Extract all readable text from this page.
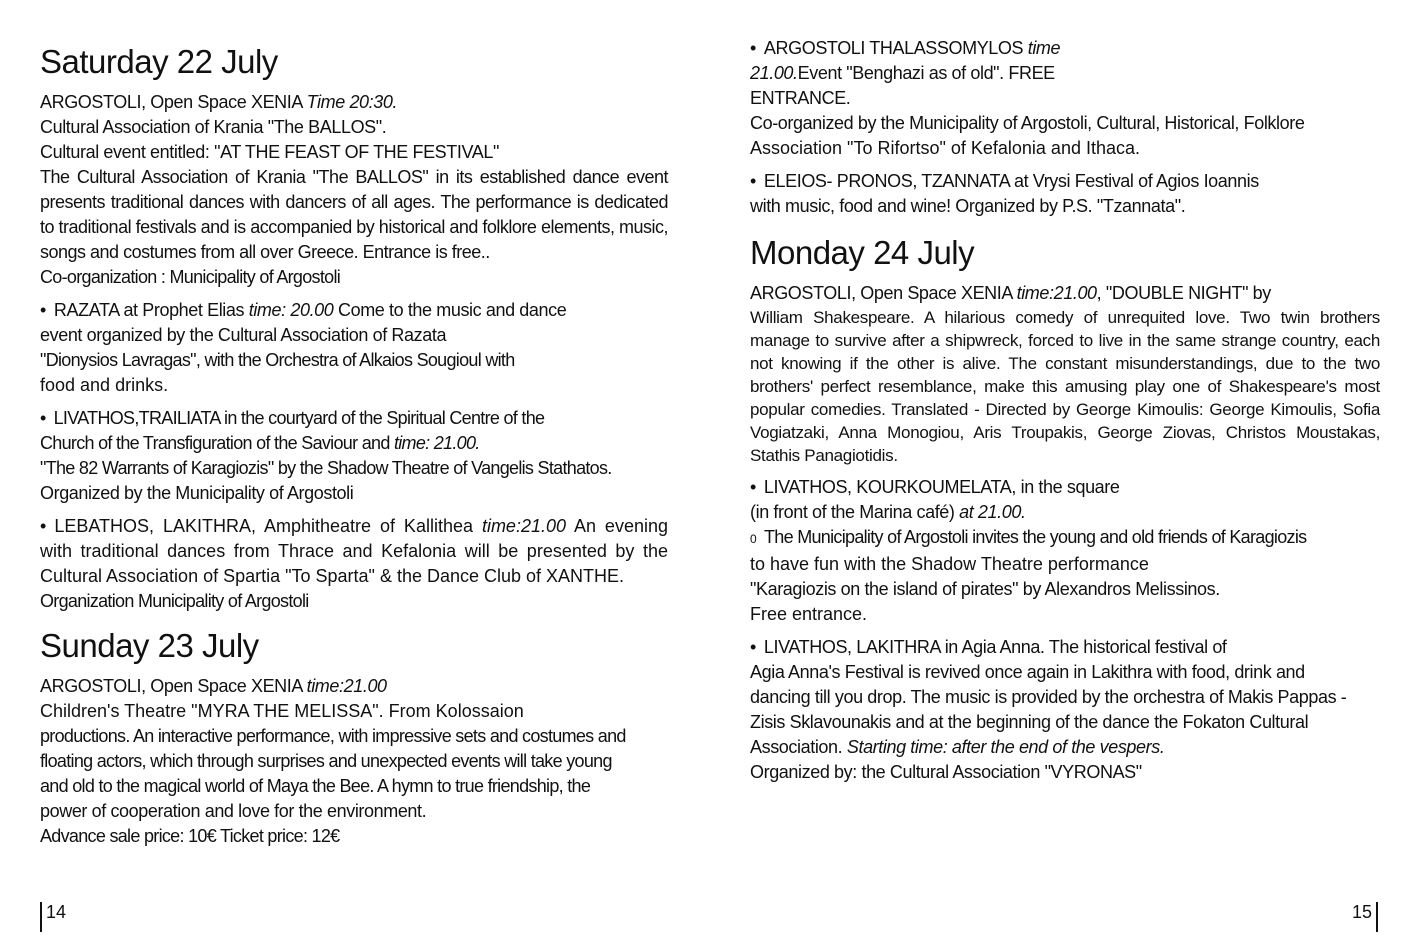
Saturday 22 July
ARGOSTOLI, Open Space XENIA Time 20:30.
Cultural Association of Krania "The BALLOS".
Cultural event entitled: "AT THE FEAST OF THE FESTIVAL"

The Cultural Association of Krania "The BALLOS" in its established dance event presents traditional dances with dancers of all ages. The performance is dedicated to traditional festivals and is accompanied by historical and folklore elements, music, songs and costumes from all over Greece. Entrance is free..

Co-organization : Municipality of Argostoli
• RAZATA at Prophet Elias time: 20.00 Come to the music and dance
event organized by the Cultural Association of Razata
"Dionysios Lavragas", with the Orchestra of Alkaios Sougioul with
food and drinks.
• LIVATHOS,TRAILIATA in the courtyard of the Spiritual Centre of the
Church of the Transfiguration of the Saviour and time: 21.00.
"The 82 Warrants of Karagiozis" by the Shadow Theatre of Vangelis Stathatos.
Organized by the Municipality of Argostoli

• LEBATHOS, LAKITHRA, Amphitheatre of Kallithea time:21.00 An evening with traditional dances from Thrace and Kefalonia will be presented by the Cultural Association of Spartia "To Sparta" & the Dance Club of XANTHE.

Organization Municipality of Argostoli
Sunday 23 July
ARGOSTOLI, Open Space XENIA time:21.00
Children's Theatre "MYRA THE MELISSA". From Kolossaion
productions. An interactive performance, with impressive sets and costumes and
floating actors, which through surprises and unexpected events will take young
and old to the magical world of Maya the Bee. A hymn to true friendship, the
power of cooperation and love for the environment.
Advance sale price: 10€ Ticket price: 12€
14
• ARGOSTOLI THALASSOMYLOS time
21.00.Event "Benghazi as of old". FREE
ENTRANCE.
Co-organized by the Municipality of Argostoli, Cultural, Historical, Folklore
Association "To Rifortso" of Kefalonia and Ithaca.
• ELEIOS- PRONOS, TZANNATA at Vrysi Festival of Agios Ioannis
with music, food and wine! Organized by P.S. "Tzannata".
Monday 24 July
ARGOSTOLI, Open Space XENIA time:21.00, "DOUBLE NIGHT" by

William Shakespeare. A hilarious comedy of unrequited love. Two twin brothers manage to survive after a shipwreck, forced to live in the same strange country, each not knowing if the other is alive. The constant misunderstandings, due to the two brothers' perfect resemblance, make this amusing play one of Shakespeare's most popular comedies. Translated - Directed by George Kimoulis: George Kimoulis, Sofia Vogiatzaki, Anna Monogiou, Aris Troupakis, George Ziovas, Christos Moustakas, Stathis Panagiotidis.

• LIVATHOS, KOURKOUMELATA, in the square
(in front of the Marina café) at 21.00.
0 The Municipality of Argostoli invites the young and old friends of Karagiozis
to have fun with the Shadow Theatre performance
"Karagiozis on the island of pirates" by Alexandros Melissinos.
Free entrance.
• LIVATHOS, LAKITHRA in Agia Anna. The historical festival of
Agia Anna's Festival is revived once again in Lakithra with food, drink and
dancing till you drop. The music is provided by the orchestra of Makis Pappas -
Zisis Sklavounakis and at the beginning of the dance the Fokaton Cultural
Association. Starting time: after the end of the vespers.
Organized by: the Cultural Association "VYRONAS"
15
